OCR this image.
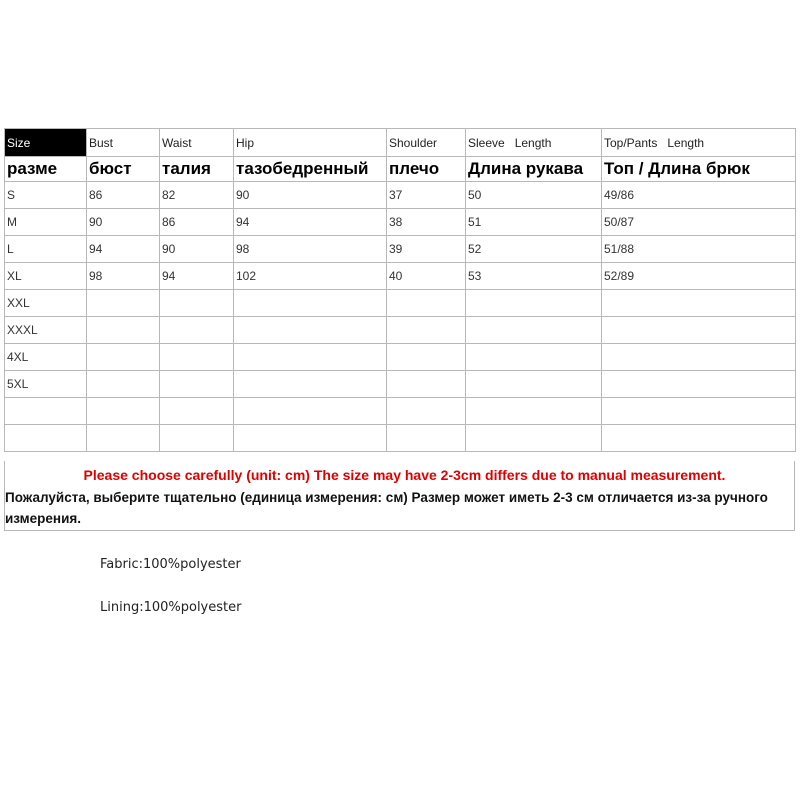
Size	Bust	Waist	Hip	Shoulder	Sleeve   Length	Top/Pants   Length
разме	бюст	талия	тазобедренный	плечо	Длина рукава	Топ / Длина брюк
S	86	82	90	37	50	49/86
M	90	86	94	38	51	50/87
L	94	90	98	39	52	51/88
XL	98	94	102	40	53	52/89
XXL						
XXXL						
4XL						
5XL						

Please choose carefully (unit: cm) The size may have 2-3cm differs due to manual measurement.
Пожалуйста, выберите тщательно (единица измерения: см) Размер может иметь 2-3 см отличается из-за ручного измерения.
Fabric:100%polyester
Lining:100%polyester
